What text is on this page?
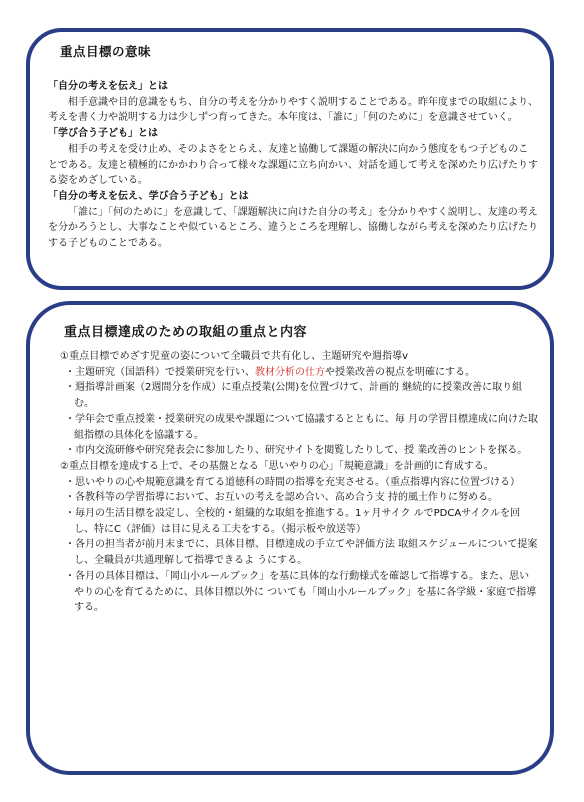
重点目標の意味
「自分の考えを伝え」とは
相手意識や目的意識をもち、自分の考えを分かりやすく説明することである。昨年度までの取組により、考えを書く力や説明する力は少しずつ育ってきた。本年度は、「誰に」「何のために」を意識させていく。
「学び合う子ども」とは
相手の考えを受け止め、そのよさをとらえ、友達と協働して課題の解決に向かう態度をもつ子どものことである。友達と積極的にかかわり合って様々な課題に立ち向かい、対話を通して考えを深めたり広げたりする姿をめざしている。
「自分の考えを伝え、学び合う子ども」とは
「誰に」「何のために」を意識して、「課題解決に向けた自分の考え」を分かりやすく説明し、友達の考えを分かろうとし、大事なことや似ているところ、違うところを理解し、協働しながら考えを深めたり広げたりする子どものことである。
重点目標達成のための取組の重点と内容
①重点目標でめざす児童の姿について全職員で共有化し、主題研究や週指導v
・主題研究（国語科）で授業研究を行い、教材分析の仕方や授業改善の視点を明確にする。
・週指導計画案（2週間分を作成）に重点授業(公開)を位置づけて、計画的 継続的に授業改善に取り組む。
・学年会で重点授業・授業研究の成果や課題について協議するとともに、毎 月の学習目標達成に向けた取組指標の具体化を協議する。
・市内交流研修や研究発表会に参加したり、研究サイトを閲覧したりして、授 業改善のヒントを探る。
②重点目標を達成する上で、その基盤となる「思いやりの心」「規範意識」を計画的に育成する。
・思いやりの心や規範意識を育てる道徳科の時間の指導を充実させる。（重点指導内容に位置づける）
・各教科等の学習指導において、お互いの考えを認め合い、高め合う支 持的風土作りに努める。
・毎月の生活目標を設定し、全校的・組織的な取組を推進する。1ヶ月サイク ルでPDCAサイクルを回し、特にC（評価）は目に見える工夫をする。（掲示板や放送等）
・各月の担当者が前月末までに、具体目標、目標達成の手立てや評価方法 取組スケジュールについて提案し、全職員が共通理解して指導できるよ うにする。
・各月の具体目標は、「岡山小ルールブック」を基に具体的な行動様式を確認して指導する。また、思いやりの心を育てるために、具体目標以外に ついても「岡山小ルールブック」を基に各学級・家庭で指導する。
